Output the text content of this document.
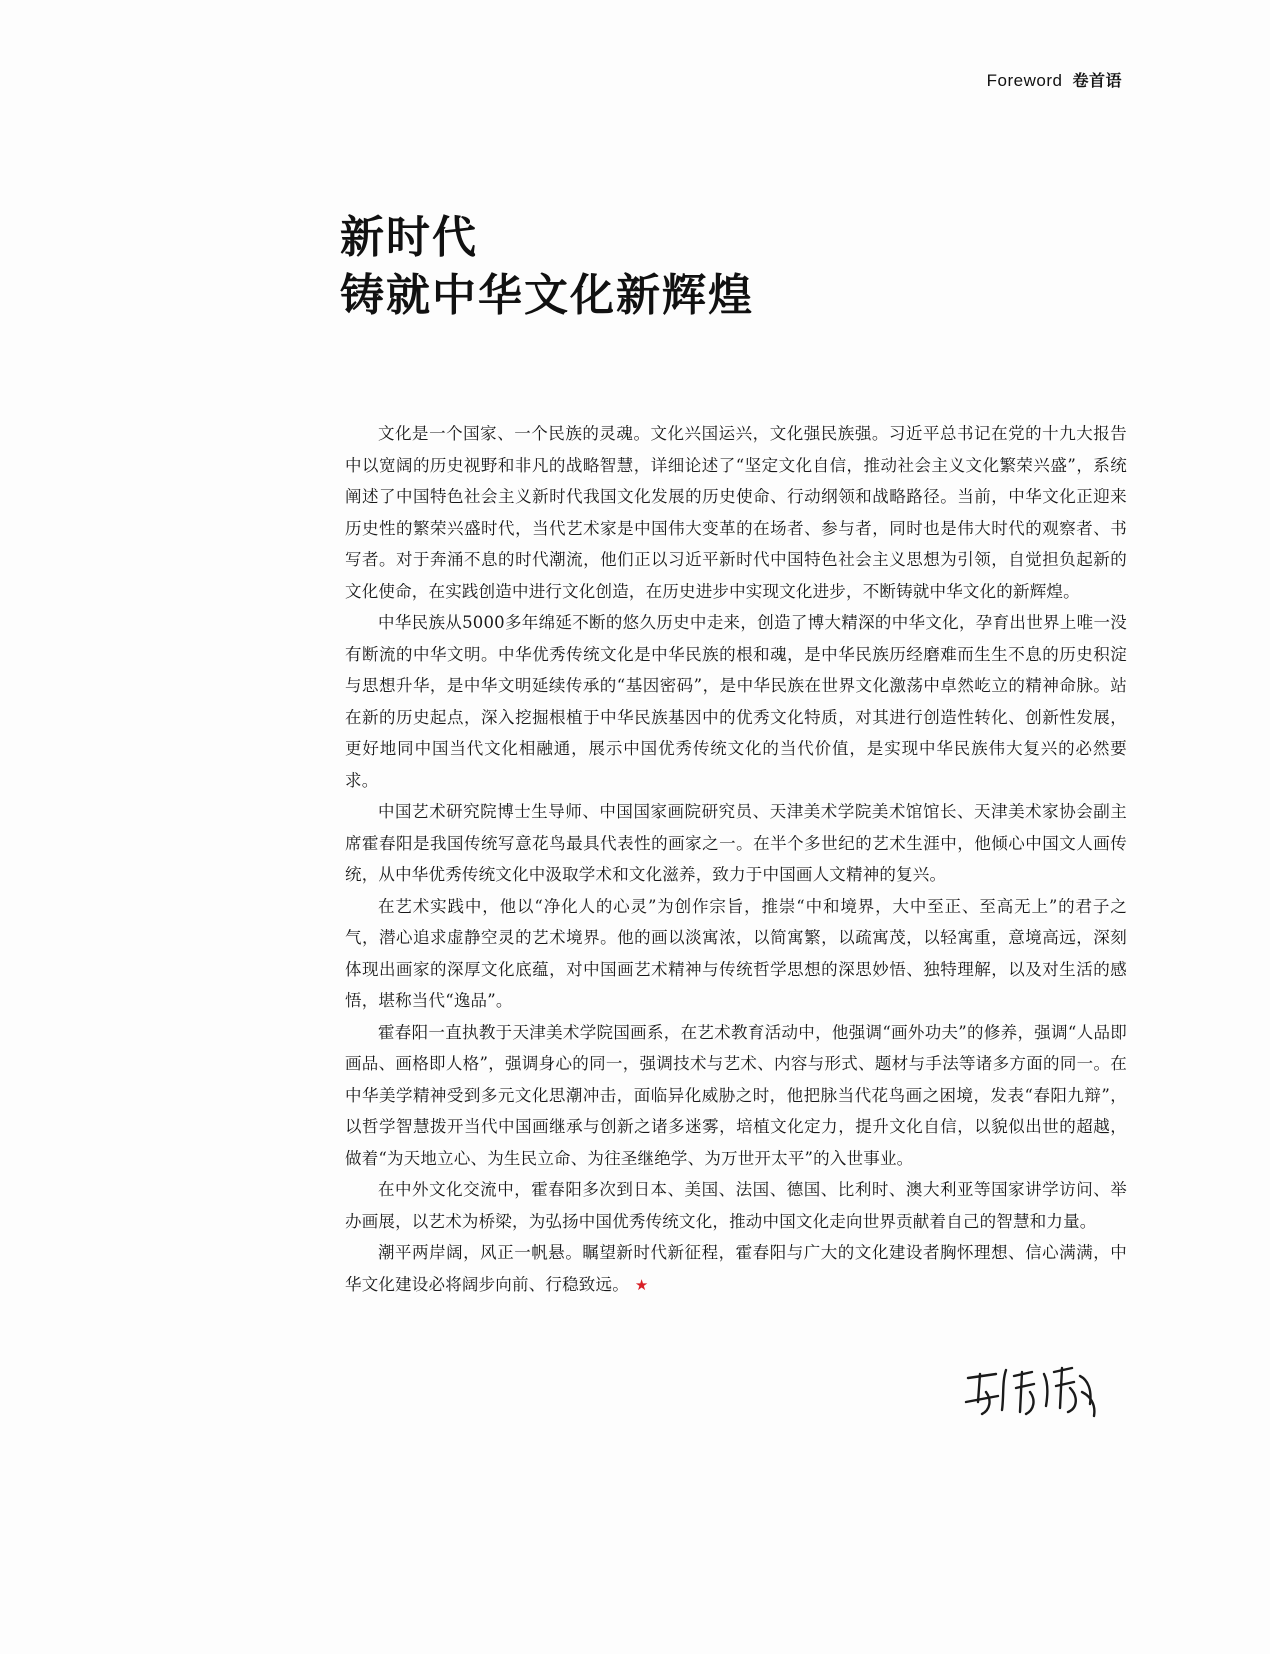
Foreword 卷首语
新时代
铸就中华文化新辉煌

文化是一个国家、一个民族的灵魂。文化兴国运兴，文化强民族强。习近平总书记在党的十九大报告中以宽阔的历史视野和非凡的战略智慧，详细论述了“坚定文化自信，推动社会主义文化繁荣兴盛”，系统阐述了中国特色社会主义新时代我国文化发展的历史使命、行动纲领和战略路径。当前，中华文化正迎来历史性的繁荣兴盛时代，当代艺术家是中国伟大变革的在场者、参与者，同时也是伟大时代的观察者、书写者。对于奔涌不息的时代潮流，他们正以习近平新时代中国特色社会主义思想为引领，自觉担负起新的文化使命，在实践创造中进行文化创造，在历史进步中实现文化进步，不断铸就中华文化的新辉煌。

中华民族从5000多年绵延不断的悠久历史中走来，创造了博大精深的中华文化，孕育出世界上唯一没有断流的中华文明。中华优秀传统文化是中华民族的根和魂，是中华民族历经磨难而生生不息的历史积淀与思想升华，是中华文明延续传承的“基因密码”，是中华民族在世界文化激荡中卓然屹立的精神命脉。站在新的历史起点，深入挖掘根植于中华民族基因中的优秀文化特质，对其进行创造性转化、创新性发展，更好地同中国当代文化相融通，展示中国优秀传统文化的当代价值，是实现中华民族伟大复兴的必然要求。

中国艺术研究院博士生导师、中国国家画院研究员、天津美术学院美术馆馆长、天津美术家协会副主席霍春阳是我国传统写意花鸟最具代表性的画家之一。在半个多世纪的艺术生涯中，他倾心中国文人画传统，从中华优秀传统文化中汲取学术和文化滋养，致力于中国画人文精神的复兴。

在艺术实践中，他以“净化人的心灵”为创作宗旨，推崇“中和境界，大中至正、至高无上”的君子之气，潜心追求虚静空灵的艺术境界。他的画以淡寓浓，以简寓繁，以疏寓茂，以轻寓重，意境高远，深刻体现出画家的深厚文化底蕴，对中国画艺术精神与传统哲学思想的深思妙悟、独特理解，以及对生活的感悟，堪称当代“逸品”。

霍春阳一直执教于天津美术学院国画系，在艺术教育活动中，他强调“画外功夫”的修养，强调“人品即画品、画格即人格”，强调身心的同一，强调技术与艺术、内容与形式、题材与手法等诸多方面的同一。在中华美学精神受到多元文化思潮冲击，面临异化威胁之时，他把脉当代花鸟画之困境，发表“春阳九辩”，以哲学智慧拨开当代中国画继承与创新之诸多迷雾，培植文化定力，提升文化自信，以貌似出世的超越，做着“为天地立心、为生民立命、为往圣继绝学、为万世开太平”的入世事业。

在中外文化交流中，霍春阳多次到日本、美国、法国、德国、比利时、澳大利亚等国家讲学访问、举办画展，以艺术为桥梁，为弘扬中国优秀传统文化，推动中国文化走向世界贡献着自己的智慧和力量。

潮平两岸阔，风正一帆悬。瞩望新时代新征程，霍春阳与广大的文化建设者胸怀理想、信心满满，中华文化建设必将阔步向前、行稳致远。 ★
